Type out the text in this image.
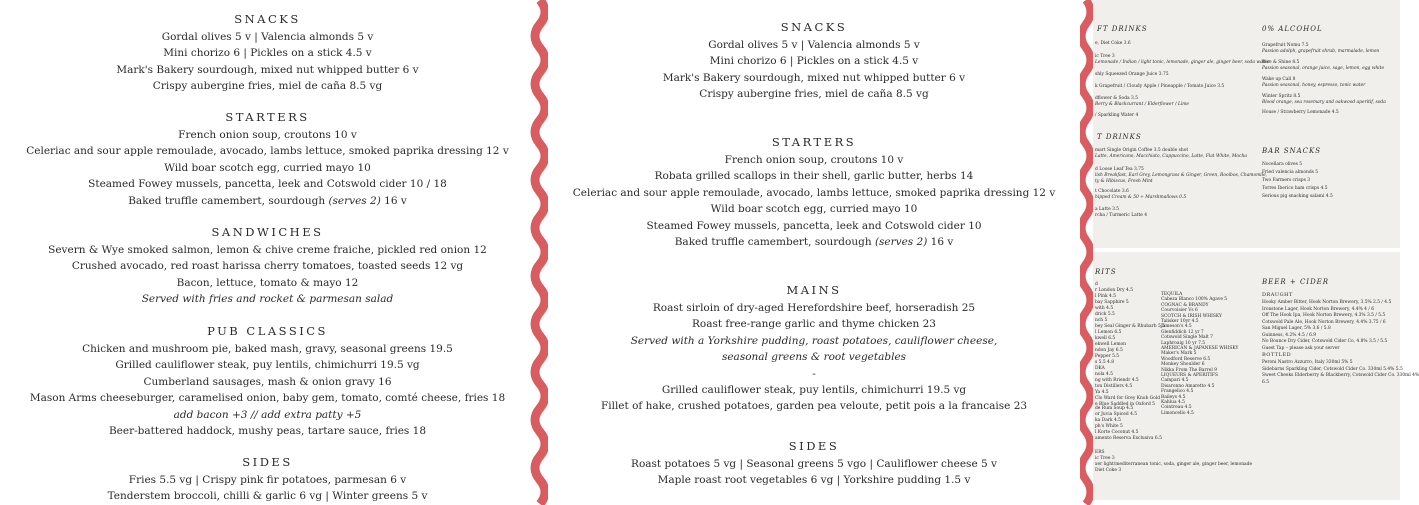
SNACKS
Gordal olives 5 v | Valencia almonds 5 v
Mini chorizo 6 | Pickles on a stick 4.5 v
Mark's Bakery sourdough, mixed nut whipped butter 6 v
Crispy aubergine fries, miel de caña 8.5 vg
STARTERS
French onion soup, croutons 10 v
Celeriac and sour apple remoulade, avocado, lambs lettuce, smoked paprika dressing 12 v
Wild boar scotch egg, curried mayo 10
Steamed Fowey mussels, pancetta, leek and Cotswold cider 10 / 18
Baked truffle camembert, sourdough (serves 2) 16 v
SANDWICHES
Severn & Wye smoked salmon, lemon & chive creme fraiche, pickled red onion 12
Crushed avocado, red roast harissa cherry tomatoes, toasted seeds 12 vg
Bacon, lettuce, tomato & mayo 12
Served with fries and rocket & parmesan salad
PUB CLASSICS
Chicken and mushroom pie, baked mash, gravy, seasonal greens 19.5
Grilled cauliflower steak, puy lentils, chimichurri 19.5 vg
Cumberland sausages, mash & onion gravy 16
Mason Arms cheeseburger, caramelised onion, baby gem, tomato, comté cheese, fries 18
add bacon +3 // add extra patty +5
Beer-battered haddock, mushy peas, tartare sauce, fries 18
SIDES
Fries 5.5 vg | Crispy pink fir potatoes, parmesan 6 v
Tenderstem broccoli, chilli & garlic 6 vg | Winter greens 5 v
SNACKS
Gordal olives 5 v | Valencia almonds 5 v
Mini chorizo 6 | Pickles on a stick 4.5 v
Mark's Bakery sourdough, mixed nut whipped butter 6 v
Crispy aubergine fries, miel de caña 8.5 vg
STARTERS
French onion soup, croutons 10 v
Robata grilled scallops in their shell, garlic butter, herbs 14
Celeriac and sour apple remoulade, avocado, lambs lettuce, smoked paprika dressing 12 v
Wild boar scotch egg, curried mayo 10
Steamed Fowey mussels, pancetta, leek and Cotswold cider 10
Baked truffle camembert, sourdough (serves 2) 16 v
MAINS
Roast sirloin of dry-aged Herefordshire beef, horseradish 25
Roast free-range garlic and thyme chicken 23
Served with a Yorkshire pudding, roast potatoes, cauliflower cheese,
seasonal greens & root vegetables
-
Grilled cauliflower steak, puy lentils, chimichurri 19.5 vg
Fillet of hake, crushed potatoes, garden pea veloute, petit pois a la francaise 23
SIDES
Roast potatoes 5 vg | Seasonal greens 5 vgo | Cauliflower cheese 5 v
Maple roast root vegetables 6 vg | Yorkshire pudding 1.5 v
FT DRINKS
e, Diet Coke 3.6
ic Tree 3
Lemonade / Indian / light tonic, lemonade, ginger ale, ginger beer, soda water
shly Squeezed Orange Juice 3.75
k Grapefruit / Cloudy Apple / Pineapple / Tomato Juice 3.5
dflower & Soda 3.5
Berry & Blackcurrant / Elderflower / Lime
/ Sparkling Water 4
T DRINKS
mart Single Origin Coffee 3.5 double shot
Latte, Americano, Macchiato, Cappuccino, Latte, Flat White, Mocha
d Loose Leaf Tea 3.75
lish Breakfast, Earl Grey, Lemongrass & Ginger, Green, Rooibos, Chamomile,
ty & Hibiscus, Fresh Mint
t Chocolate 3.6
hipped Cream & 50 + Marshmallows 0.5
a Latte 3.5
rcha / Turmeric Latte 4
0% ALCOHOL
Grapefruit Nomu 7.5
Passion adolph, grapefruit shrub, marmalade, lemon
Rise & Shine 8.5
Passion seasonal, orange juice, sage, lemon, egg white
Wake up Call 8
Passion seasonal, honey, espresso, tonic water
Winter Spritz 8.5
Blood orange, sea rosemary and oakwood aperitif, soda
House / Strawberry Lemonade 4.5
BAR SNACKS
Nocellara olives 5
Fried valencia almonds 5
Two Farmers crisps 3
Torres Iberico ham crisps 4.5
Serious pig snacking salami 4.5
RITS
d
r London Dry 4.5
l Pink 4.5
bay Sapphire 5
with 4.5
drick 5.5
nch 5
bey Seal Ginger & Rhubarb 5.5
l Lemon 6.5
kwell 6.5
ekwell Lemon
ndon Jay 6.5
Pepper 5.5
s 5.5 4.8
DKA
nola 4.5
ng with Rriendr 4.5
ton Distillers 4.5
Ya 4.5
Clo Ward for Grey Knob Gold
e Blue Saddled in Oxford 5
TEQUILA
Cabeza Blanco 100% Agave 5
COGNAC & BRANDY
Courvoisier Vs 6
SCOTCH & IRISH WHISKY
Talisker 10yr 4.5
Jameson's 4.5
Glenfiddich 12 yr 7
Cotswold Single Malt 7
Laphroaig 10 yr 7.5
AMERICAN & JAPANESE WHISKY
Maker's Mark 5
Woodford Reserve 6.5
Monkey Shoulder 6
Nikka From The Barrel 9
LIQUEURS & APERITIFS
Campari 4.5
Disaronno Amaretto 4.5
Frangelico 4.5
Baileys 4.5
Kahlua 4.5
Cointreau 4.5
Limoncello 4.5
de Rum Soup 4.5
or Juvia Spiced 4.5
ka Dark 4.5
ph's White 5
l Korte Coconut 4.5
amento Reserva Exclusiva 6.5
ERS
ic Tree 3
xer light/mediterranean tonic, soda, ginger ale, ginger beer, lemonade
Diet Coke 3
BEER + CIDER
DRAUGHT
Hooky Amber Bitter, Hook Norton Brewery, 3.5% 2.5 / 4.5
Ironstone Lager, Hook Norton Brewery, 4.4% 4 / 6
Off The Hook Ipa, Hook Norton Brewery, 4.3% 3.5 / 5.5
Cotswold Pale Ale, Hook Norton Brewery, 4.4% 3.75 / 6
San Miguel Lager, 5% 3.6 / 5.8
Guinness, 4.2% 4.5 / 6.9
No Bounce Dry Cider, Cotswold Cider Co, 4.8% 3.5 / 5.5
Guest Tap – please ask your server
BOTTLED
Peroni Nastro Azzurro, Italy 330ml 5% 5
Sidebarns Sparkling Cider, Cotswold Cider Co. 330ml 5.4% 5.5
Sweet Cheeks Elderberry & Blackberry, Cotswold Cider Co. 330ml 4%
6.5
